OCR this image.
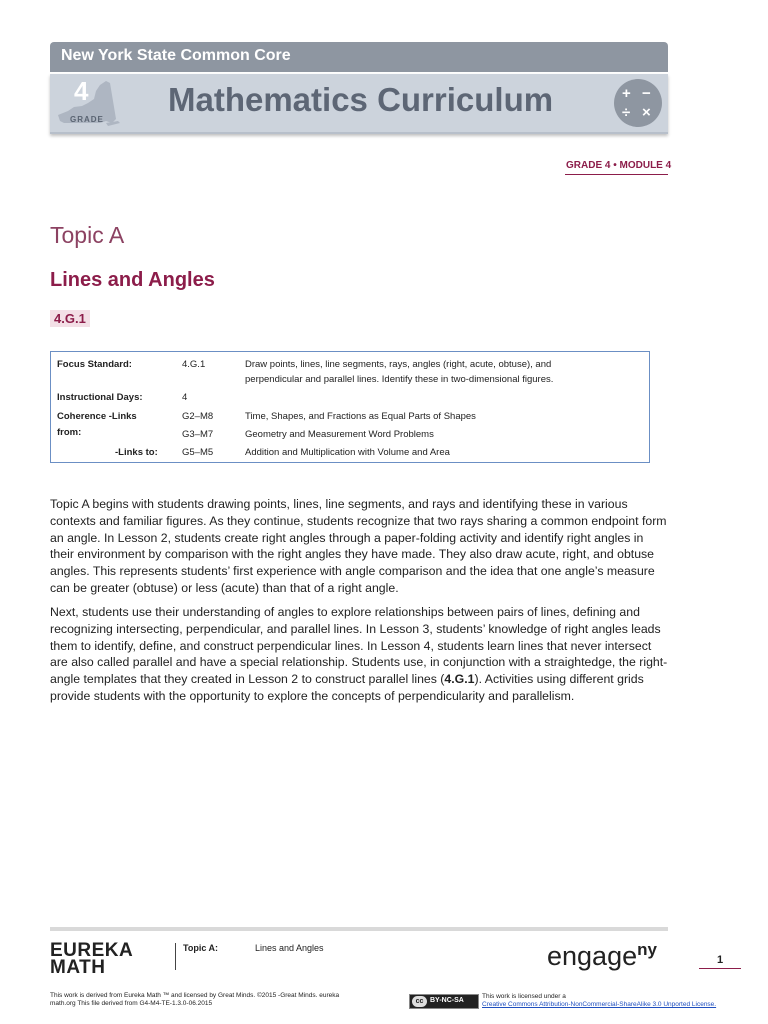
New York State Common Core
4
GRADE
Mathematics Curriculum	+ −
÷ ×
GRADE 4 • MODULE 4
Topic A
Lines and Angles
4.G.1
Focus Standard:	4.G.1	Draw points, lines, line segments, rays, angles (right, acute, obtuse), and
perpendicular and parallel lines. Identify these in two-dimensional figures.
Instructional Days:	4
Coherence -Links
from:
G2–M8	Time, Shapes, and Fractions as Equal Parts of Shapes
G3–M7	Geometry and Measurement Word Problems
-Links to:	G5–M5	Addition and Multiplication with Volume and Area

Topic A begins with students drawing points, lines, line segments, and rays and identifying these in various contexts and familiar figures. As they continue, students recognize that two rays sharing a common endpoint form an angle. In Lesson 2, students create right angles through a paper-folding activity and identify right angles in their environment by comparison with the right angles they have made. They also draw acute, right, and obtuse angles. This represents students’ first experience with angle comparison and the idea that one angle’s measure can be greater (obtuse) or less (acute) than that of a right angle.

Next, students use their understanding of angles to explore relationships between pairs of lines, defining and recognizing intersecting, perpendicular, and parallel lines. In Lesson 3, students’ knowledge of right angles leads them to identify, define, and construct perpendicular lines. In Lesson 4, students learn lines that never intersect are also called parallel and have a special relationship. Students use, in conjunction with a straightedge, the right-angle templates that they created in Lesson 2 to construct parallel lines (4.G.1). Activities using different grids provide students with the opportunity to explore the concepts of perpendicularity and parallelism.

EUREKA
MATH
Topic A:	Lines and Angles	engage$^{ny}$
1
This work is derived from Eureka Math ™ and licensed by Great Minds. ©2015 -Great Minds. eureka
math.org This file derived from G4-M4-TE-1.3.0-06.2015	cc BY-NC-SA
This work is licensed under a
Creative Commons Attribution-NonCommercial-ShareAlike 3.0 Unported License.
